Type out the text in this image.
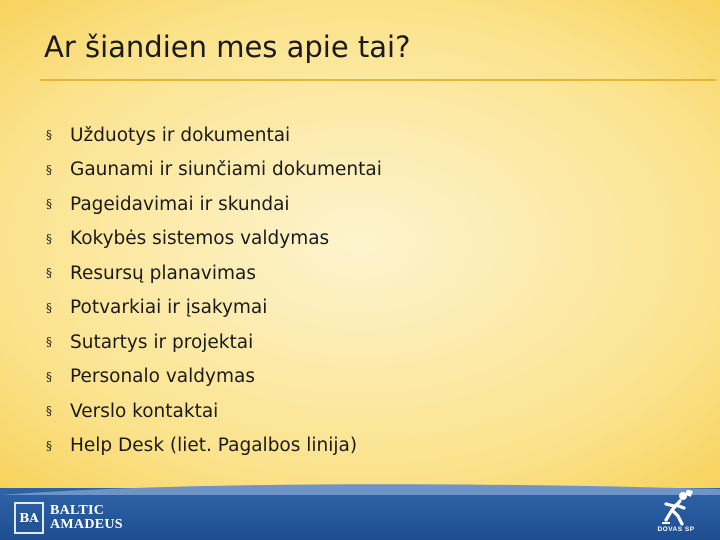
Ar šiandien mes apie tai?
§ Užduotys ir dokumentai
§ Gaunami ir siunčiami dokumentai
§ Pageidavimai ir skundai
§ Kokybės sistemos valdymas
§ Resursų planavimas
§ Potvarkiai ir įsakymai
§ Sutartys ir projektai
§ Personalo valdymas
§ Verslo kontaktai
§ Help Desk (liet. Pagalbos linija)
BA BALTIC
AMADEUS	DOVAS SP
